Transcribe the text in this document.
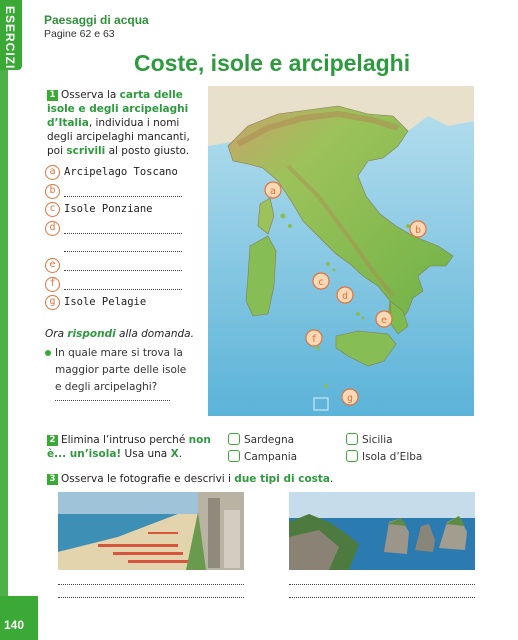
ESERCIZI
140
Paesaggi di acqua
Pagine 62 e 63
Coste, isole e arcipelaghi
1 Osserva la carta delle isole e degli arcipelaghi d’Italia, individua i nomi degli arcipelaghi mancanti, poi scrivili al posto giusto.
a Arcipelago Toscano
b
c Isole Ponziane
d
e
f
g Isole Pelagie
Ora rispondi alla domanda.
In quale mare si trova la maggior parte delle isole e degli arcipelaghi?
a
b
c
d
e
f
g
2 Elimina l’intruso perché non è... un’isola! Usa una X.
Sardegna
Campania
Sicilia
Isola d’Elba
3 Osserva le fotografie e descrivi i due tipi di costa.
